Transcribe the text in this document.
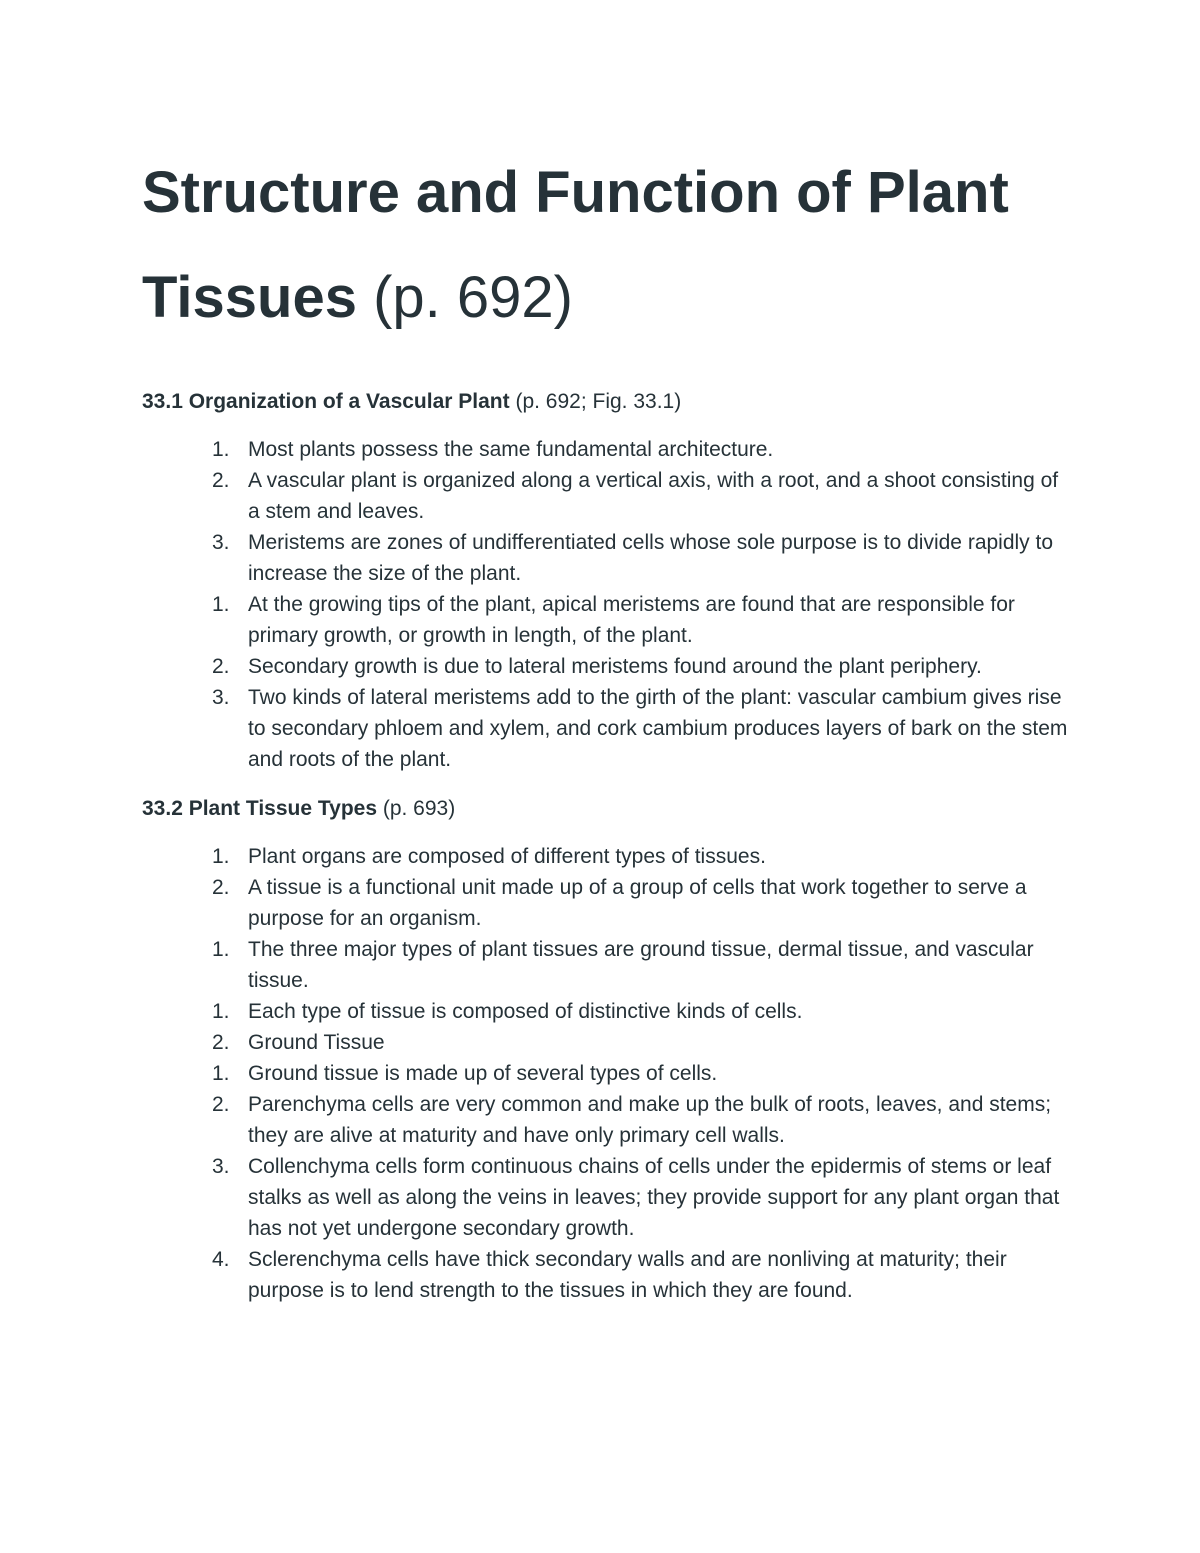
Structure and Function of Plant
Tissues (p. 692)
33.1 Organization of a Vascular Plant (p. 692; Fig. 33.1)
1. Most plants possess the same fundamental architecture.
2. A vascular plant is organized along a vertical axis, with a root, and a shoot consisting of a stem and leaves.
3. Meristems are zones of undifferentiated cells whose sole purpose is to divide rapidly to increase the size of the plant.
1. At the growing tips of the plant, apical meristems are found that are responsible for primary growth, or growth in length, of the plant.
2. Secondary growth is due to lateral meristems found around the plant periphery.
3. Two kinds of lateral meristems add to the girth of the plant: vascular cambium gives rise to secondary phloem and xylem, and cork cambium produces layers of bark on the stem and roots of the plant.
33.2 Plant Tissue Types (p. 693)
1. Plant organs are composed of different types of tissues.
2. A tissue is a functional unit made up of a group of cells that work together to serve a purpose for an organism.
1. The three major types of plant tissues are ground tissue, dermal tissue, and vascular tissue.
1. Each type of tissue is composed of distinctive kinds of cells.
2. Ground Tissue
1. Ground tissue is made up of several types of cells.
2. Parenchyma cells are very common and make up the bulk of roots, leaves, and stems; they are alive at maturity and have only primary cell walls.
3. Collenchyma cells form continuous chains of cells under the epidermis of stems or leaf stalks as well as along the veins in leaves; they provide support for any plant organ that has not yet undergone secondary growth.
4. Sclerenchyma cells have thick secondary walls and are nonliving at maturity; their purpose is to lend strength to the tissues in which they are found.
